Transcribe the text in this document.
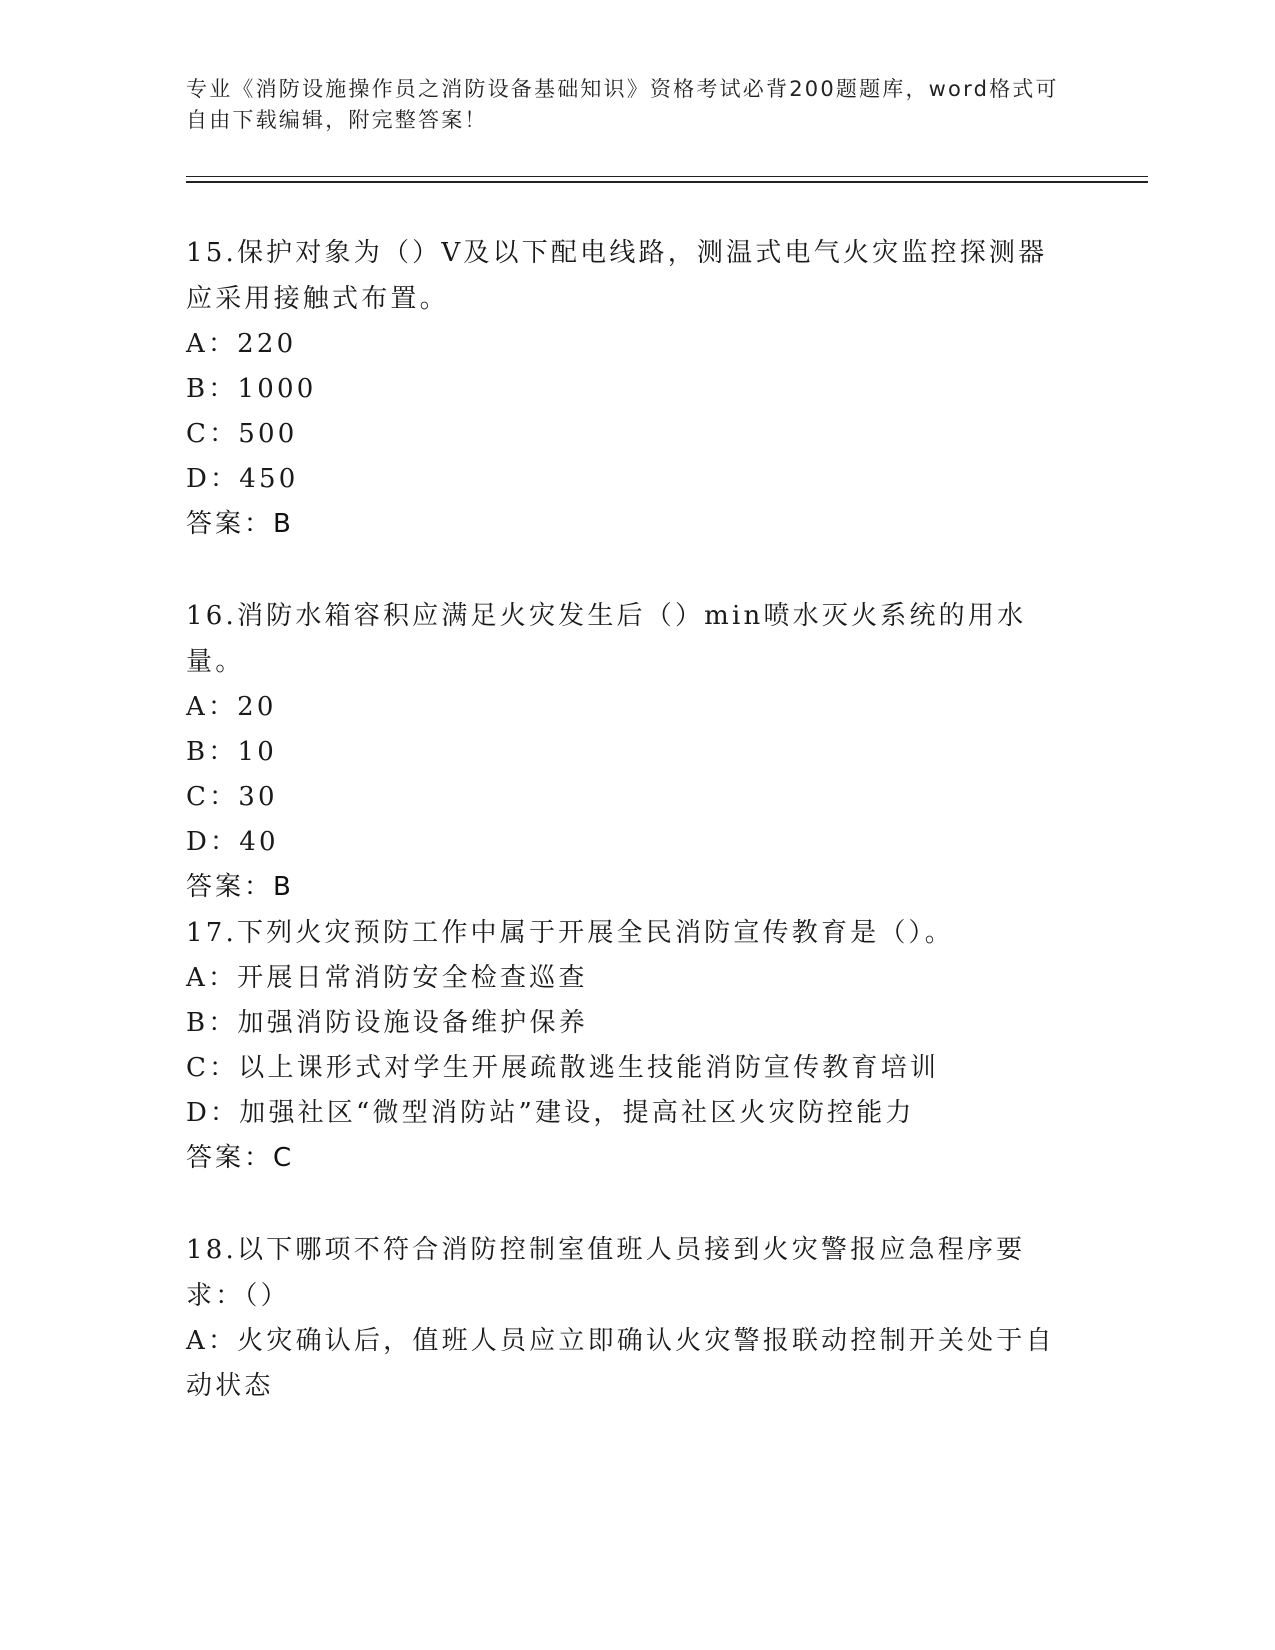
专业《消防设施操作员之消防设备基础知识》资格考试必背200题题库，word格式可自由下载编辑，附完整答案！

15.保护对象为（）V及以下配电线路，测温式电气火灾监控探测器应采用接触式布置。

A：220

B：1000

C：500

D：450

答案：B

16.消防水箱容积应满足火灾发生后（）min喷水灭火系统的用水量。

A：20

B：10

C：30

D：40

答案：B

17.下列火灾预防工作中属于开展全民消防宣传教育是（）。

A：开展日常消防安全检查巡查

B：加强消防设施设备维护保养

C：以上课形式对学生开展疏散逃生技能消防宣传教育培训

D：加强社区“微型消防站”建设，提高社区火灾防控能力

答案：C

18.以下哪项不符合消防控制室值班人员接到火灾警报应急程序要求：（）

A：火灾确认后，值班人员应立即确认火灾警报联动控制开关处于自动状态
